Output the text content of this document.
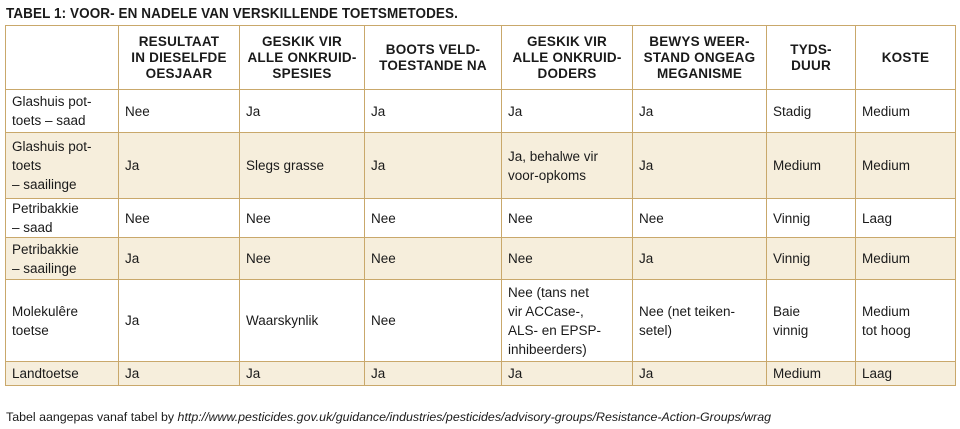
TABEL 1: VOOR- EN NADELE VAN VERSKILLENDE TOETSMETODES.
	RESULTAAT
IN DIESELFDE
OESJAAR	GESKIK VIR
ALLE ONKRUID-
SPESIES	BOOTS VELD-
TOESTANDE NA	GESKIK VIR
ALLE ONKRUID-
DODERS	BEWYS WEER-
STAND ONGEAG
MEGANISME	TYDS-
DUUR	KOSTE
Glashuis pot-
toets – saad	Nee	Ja	Ja	Ja	Ja	Stadig	Medium
Glashuis pot-
toets
– saailinge	Ja	Slegs grasse	Ja	Ja, behalwe vir
voor-opkoms	Ja	Medium	Medium
Petribakkie
– saad	Nee	Nee	Nee	Nee	Nee	Vinnig	Laag
Petribakkie
– saailinge	Ja	Nee	Nee	Nee	Ja	Vinnig	Medium
Molekulêre
toetse	Ja	Waarskynlik	Nee	Nee (tans net
vir ACCase-,
ALS- en EPSP-
inhibeerders)	Nee (net teiken-
setel)	Baie
vinnig	Medium
tot hoog
Landtoetse	Ja	Ja	Ja	Ja	Ja	Medium	Laag
Tabel aangepas vanaf tabel by http://www.pesticides.gov.uk/guidance/industries/pesticides/advisory-groups/Resistance-Action-Groups/wrag
